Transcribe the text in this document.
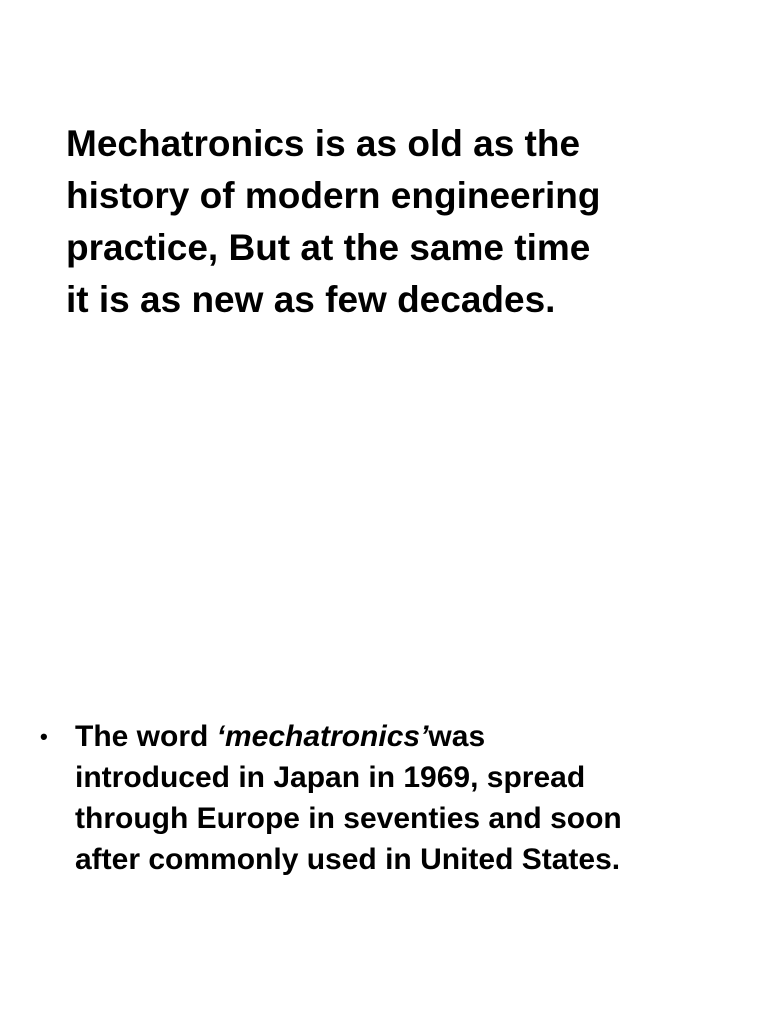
Mechatronics is as old as the
history of modern engineering
practice, But at the same time
it is as new as few decades.
• The word ‘mechatronics’was
introduced in Japan in 1969, spread
through Europe in seventies and soon
after commonly used in United States.
